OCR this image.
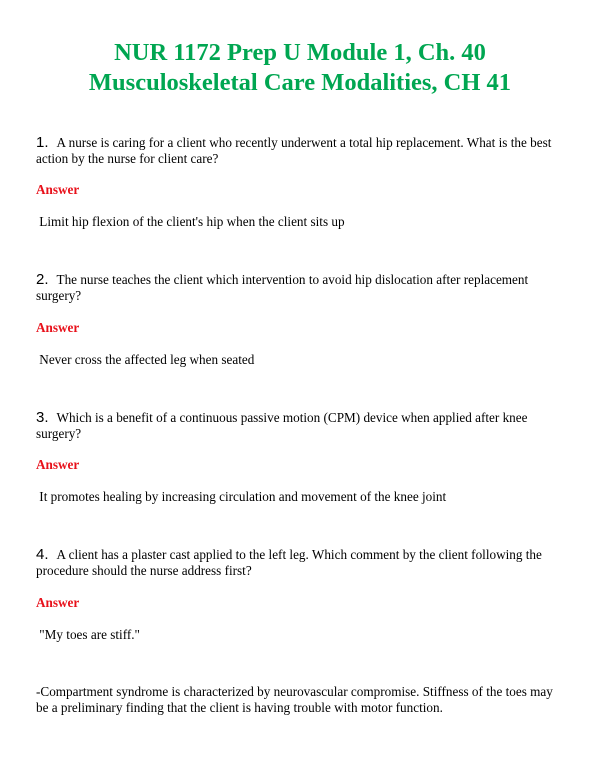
NUR 1172 Prep U Module 1, Ch. 40
Musculoskeletal Care Modalities, CH 41
1. A nurse is caring for a client who recently underwent a total hip replacement. What is the best action by the nurse for client care?
Answer
Limit hip flexion of the client's hip when the client sits up
2. The nurse teaches the client which intervention to avoid hip dislocation after replacement surgery?
Answer
Never cross the affected leg when seated
3. Which is a benefit of a continuous passive motion (CPM) device when applied after knee surgery?
Answer
It promotes healing by increasing circulation and movement of the knee joint
4. A client has a plaster cast applied to the left leg. Which comment by the client following the procedure should the nurse address first?
Answer
"My toes are stiff."
-Compartment syndrome is characterized by neurovascular compromise. Stiffness of the toes may be a preliminary finding that the client is having trouble with motor function.
